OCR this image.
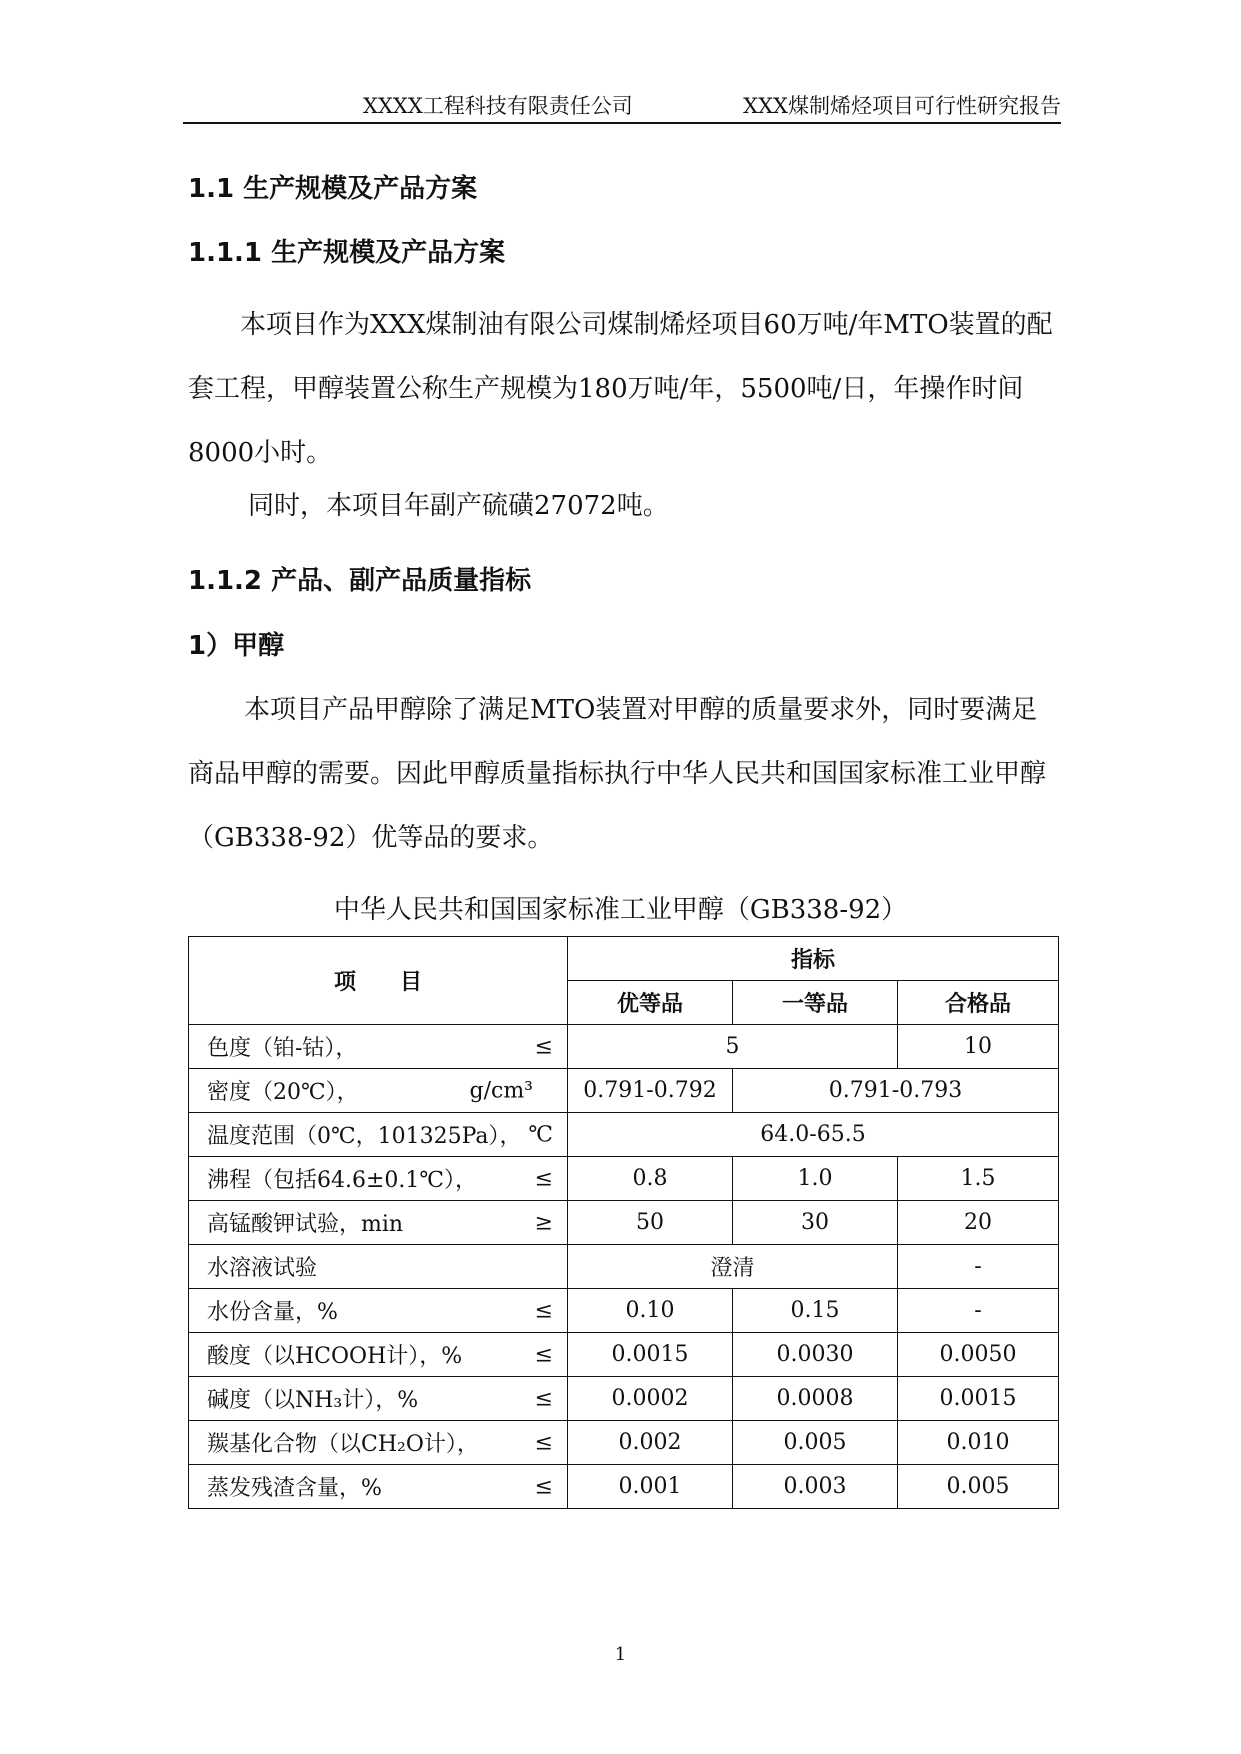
XXXX工程科技有限责任公司	XXX煤制烯烃项目可行性研究报告
1.1 生产规模及产品方案
1.1.1 生产规模及产品方案
本项目作为XXX煤制油有限公司煤制烯烃项目60万吨/年MTO装置的配套工程，甲醇装置公称生产规模为180万吨/年，5500吨/日，年操作时间8000小时。
同时，本项目年副产硫磺27072吨。
1.1.2 产品、副产品质量指标
1）甲醇
本项目产品甲醇除了满足MTO装置对甲醇的质量要求外，同时要满足商品甲醇的需要。因此甲醇质量指标执行中华人民共和国国家标准工业甲醇（GB338-92）优等品的要求。
中华人民共和国国家标准工业甲醇（GB338-92）
项　　目	指标		
	优等品	一等品	合格品
色度（铂-钴）， ≤	5		10
密度（20℃）， g/cm³	0.791-0.792	0.791-0.793	
温度范围（0℃，101325Pa）， ℃	64.0-65.5		
沸程（包括64.6±0.1℃）， ≤	0.8	1.0	1.5
高锰酸钾试验，min ≥	50	30	20
水溶液试验	澄清		-
水份含量，% ≤	0.10	0.15	-
酸度（以HCOOH计），% ≤	0.0015	0.0030	0.0050
碱度（以NH₃计），% ≤	0.0002	0.0008	0.0015
羰基化合物（以CH₂O计）， ≤	0.002	0.005	0.010
蒸发残渣含量，% ≤	0.001	0.003	0.005
1
